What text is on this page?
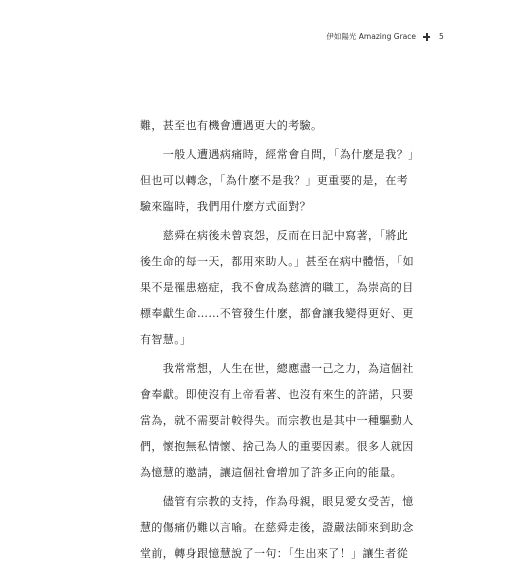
伊如陽光 Amazing Grace	5
難，甚至也有機會遭遇更大的考驗。
　　一般人遭遇病痛時，經常會自問，「為什麼是我？」
但也可以轉念，「為什麼不是我？」更重要的是，在考
驗來臨時，我們用什麼方式面對？
　　慈舜在病後未曾哀怨，反而在日記中寫著，「將此
後生命的每一天，都用來助人。」甚至在病中體悟，「如
果不是罹患癌症，我不會成為慈濟的職工，為崇高的目
標奉獻生命……不管發生什麼，都會讓我變得更好、更
有智慧。」
　　我常常想，人生在世，總應盡一己之力，為這個社
會奉獻。即使沒有上帝看著、也沒有來生的許諾，只要
當為，就不需要計較得失。而宗教也是其中一種驅動人
們，懷抱無私情懷、捨己為人的重要因素。很多人就因
為憶慧的邀請，讓這個社會增加了許多正向的能量。
　　儘管有宗教的支持，作為母親，眼見愛女受苦，憶
慧的傷痛仍難以言喻。在慈舜走後，證嚴法師來到助念
堂前，轉身跟憶慧說了一句：「生出來了！」讓生者從
